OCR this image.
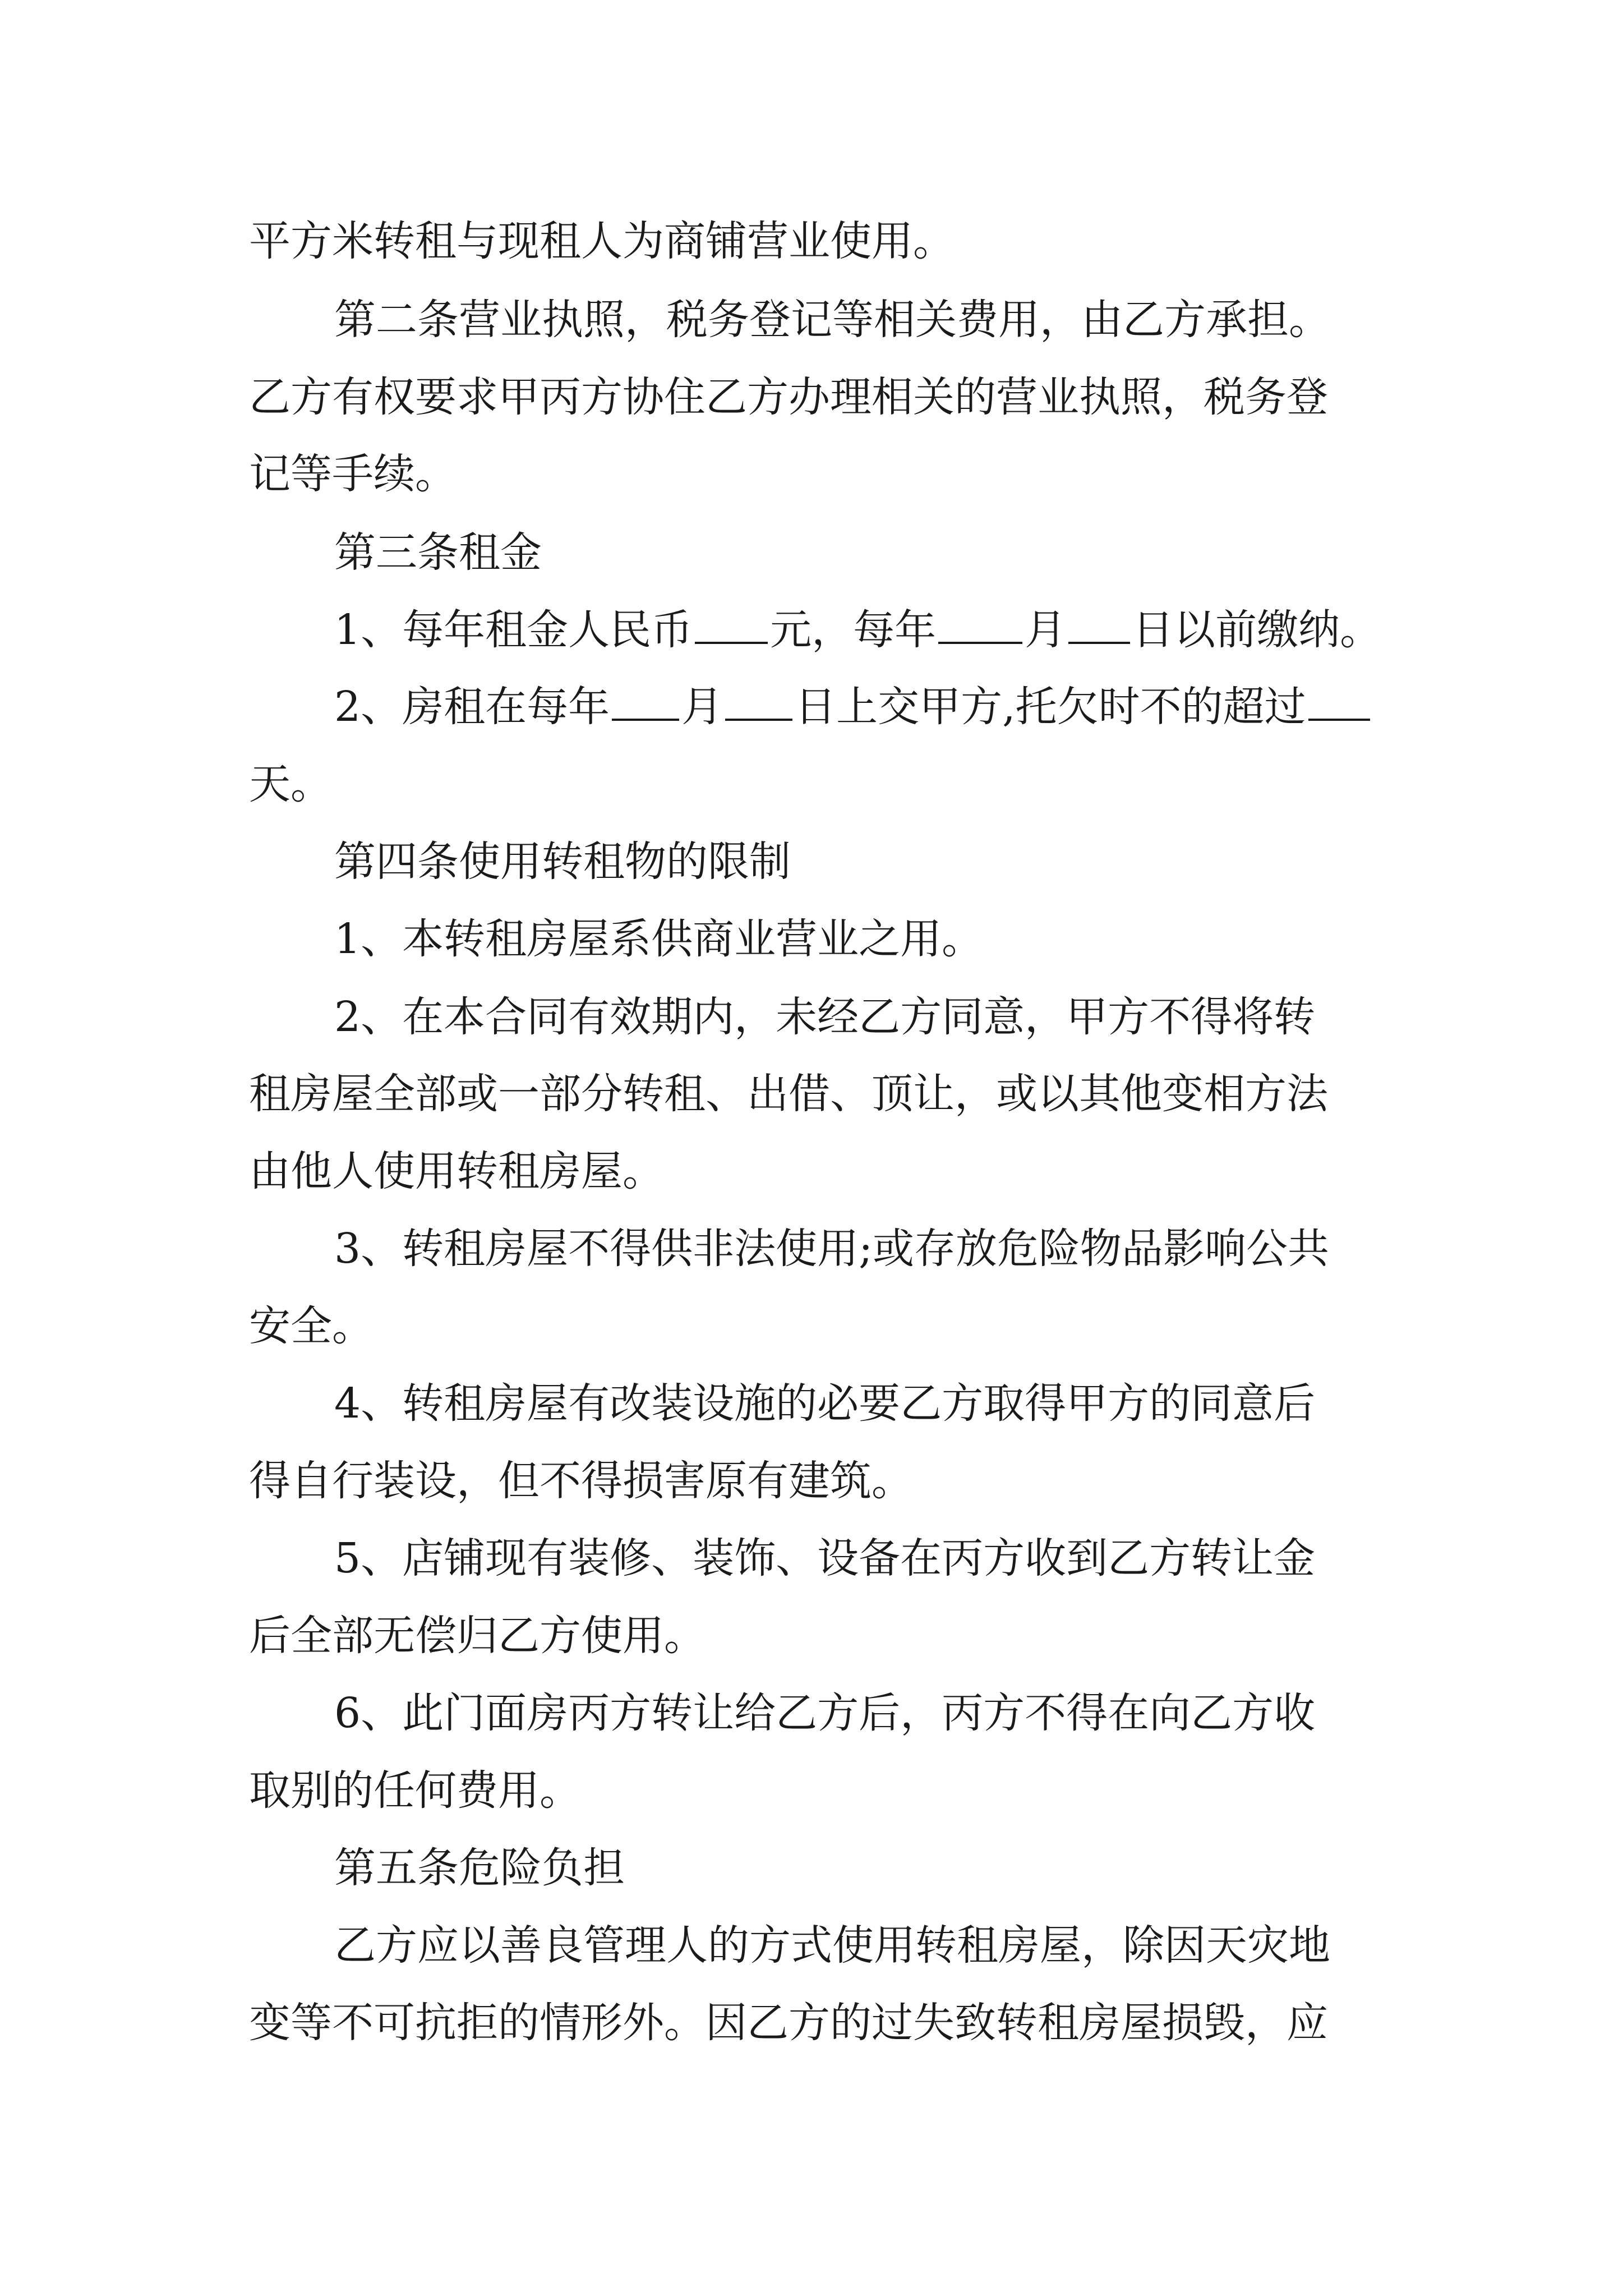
平方米转租与现租人为商铺营业使用。
第二条营业执照，税务登记等相关费用，由乙方承担。
乙方有权要求甲丙方协住乙方办理相关的营业执照，税务登
记等手续。
第三条租金
1、每年租金人民币 元，每年 月 日以前缴纳。
2、房租在每年 月 日上交甲方,托欠时不的超过
天。
第四条使用转租物的限制
1、本转租房屋系供商业营业之用。
2、在本合同有效期内，未经乙方同意，甲方不得将转
租房屋全部或一部分转租、出借、顶让，或以其他变相方法
由他人使用转租房屋。
3、转租房屋不得供非法使用;或存放危险物品影响公共
安全。
4、转租房屋有改装设施的必要乙方取得甲方的同意后
得自行装设，但不得损害原有建筑。
5、店铺现有装修、装饰、设备在丙方收到乙方转让金
后全部无偿归乙方使用。
6、此门面房丙方转让给乙方后，丙方不得在向乙方收
取别的任何费用。
第五条危险负担
乙方应以善良管理人的方式使用转租房屋，除因天灾地
变等不可抗拒的情形外。因乙方的过失致转租房屋损毁，应
